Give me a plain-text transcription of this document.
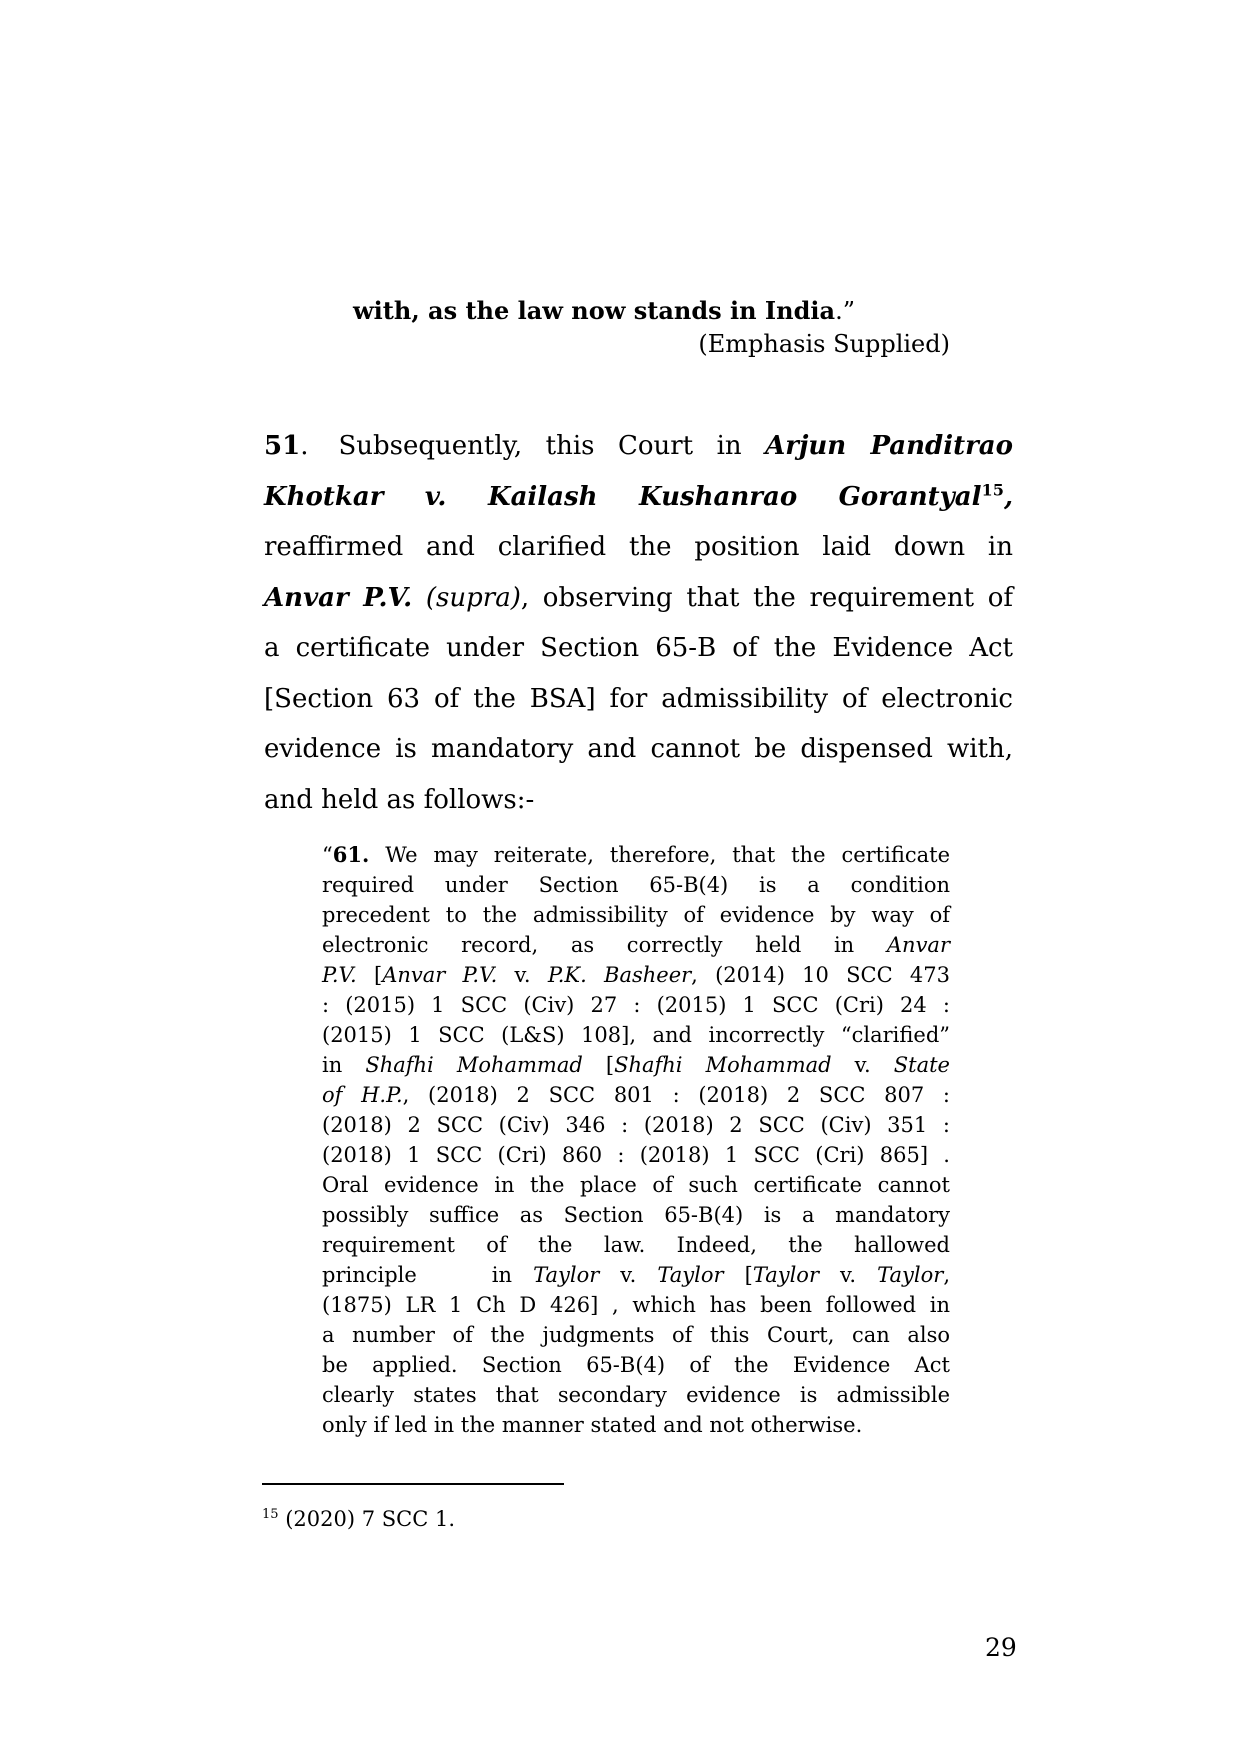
with, as the law now stands in India.”
(Emphasis Supplied)
51. Subsequently, this Court in Arjun Panditrao
Khotkar v. Kailash Kushanrao Gorantyal$^{15}$,
reaffirmed and clarified the position laid down in
Anvar P.V. (supra), observing that the requirement of
a certificate under Section 65-B of the Evidence Act
[Section 63 of the BSA] for admissibility of electronic
evidence is mandatory and cannot be dispensed with,
and held as follows:-
“61. We may reiterate, therefore, that the certificate
required under Section 65-B(4) is a condition
precedent to the admissibility of evidence by way of
electronic record, as correctly held in Anvar
P.V. [Anvar P.V. v. P.K. Basheer, (2014) 10 SCC 473
: (2015) 1 SCC (Civ) 27 : (2015) 1 SCC (Cri) 24 :
(2015) 1 SCC (L&S) 108], and incorrectly “clarified”
in Shafhi Mohammad [Shafhi Mohammad v. State
of H.P., (2018) 2 SCC 801 : (2018) 2 SCC 807 :
(2018) 2 SCC (Civ) 346 : (2018) 2 SCC (Civ) 351 :
(2018) 1 SCC (Cri) 860 : (2018) 1 SCC (Cri) 865] .
Oral evidence in the place of such certificate cannot
possibly suffice as Section 65-B(4) is a mandatory
requirement of the law. Indeed, the hallowed
principle	in Taylor v. Taylor [Taylor v. Taylor,
(1875) LR 1 Ch D 426] , which has been followed in
a number of the judgments of this Court, can also
be applied. Section 65-B(4) of the Evidence Act
clearly states that secondary evidence is admissible
only if led in the manner stated and not otherwise.
$^{15}$ (2020) 7 SCC 1.
29
